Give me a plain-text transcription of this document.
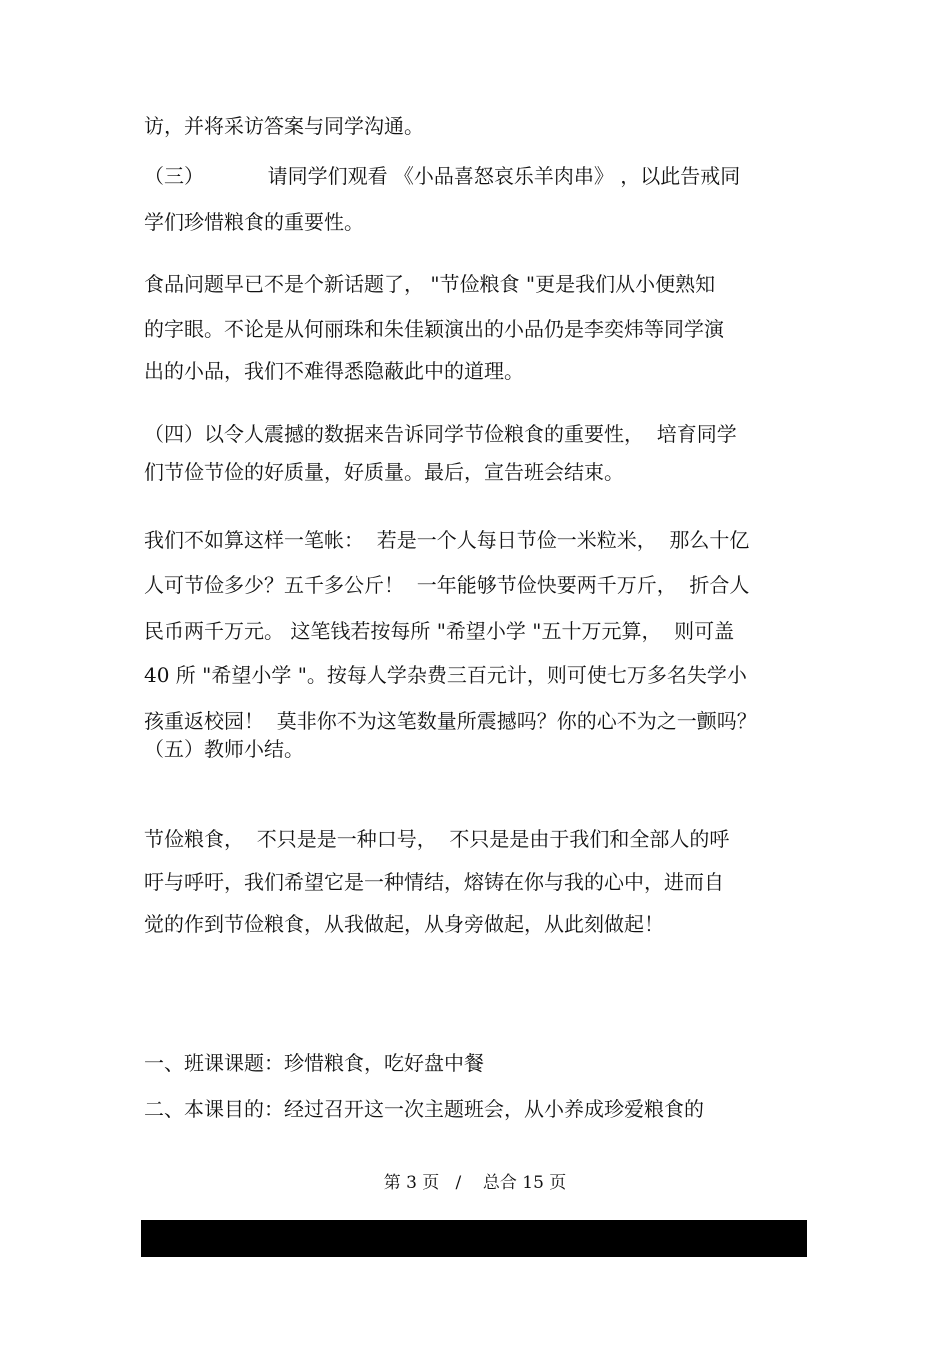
访，并将采访答案与同学沟通。

（三）          请同学们观看 《小品喜怒哀乐羊肉串》 ，以此告戒同

学们珍惜粮食的重要性。

食品问题早已不是个新话题了， "节俭粮食 "更是我们从小便熟知

的字眼。不论是从何丽珠和朱佳颖演出的小品仍是李奕炜等同学演

出的小品，我们不难得悉隐蔽此中的道理。

（四）以令人震撼的数据来告诉同学节俭粮食的重要性，  培育同学

们节俭节俭的好质量，好质量。最后，宣告班会结束。

我们不如算这样一笔帐：  若是一个人每日节俭一米粒米，  那么十亿

人可节俭多少？五千多公斤！  一年能够节俭快要两千万斤，  折合人

民币两千万元。 这笔钱若按每所 "希望小学 "五十万元算，  则可盖

40 所 "希望小学 "。按每人学杂费三百元计，则可使七万多名失学小

孩重返校园！  莫非你不为这笔数量所震撼吗？你的心不为之一颤吗？

（五）教师小结。

节俭粮食，  不只是是一种口号，  不只是是由于我们和全部人的呼

吁与呼吁，我们希望它是一种情结，熔铸在你与我的心中，进而自

觉的作到节俭粮食，从我做起，从身旁做起，从此刻做起！

一、班课课题：珍惜粮食，吃好盘中餐

二、本课目的：经过召开这一次主题班会，从小养成珍爱粮食的

第 3 页   /    总合 15 页
